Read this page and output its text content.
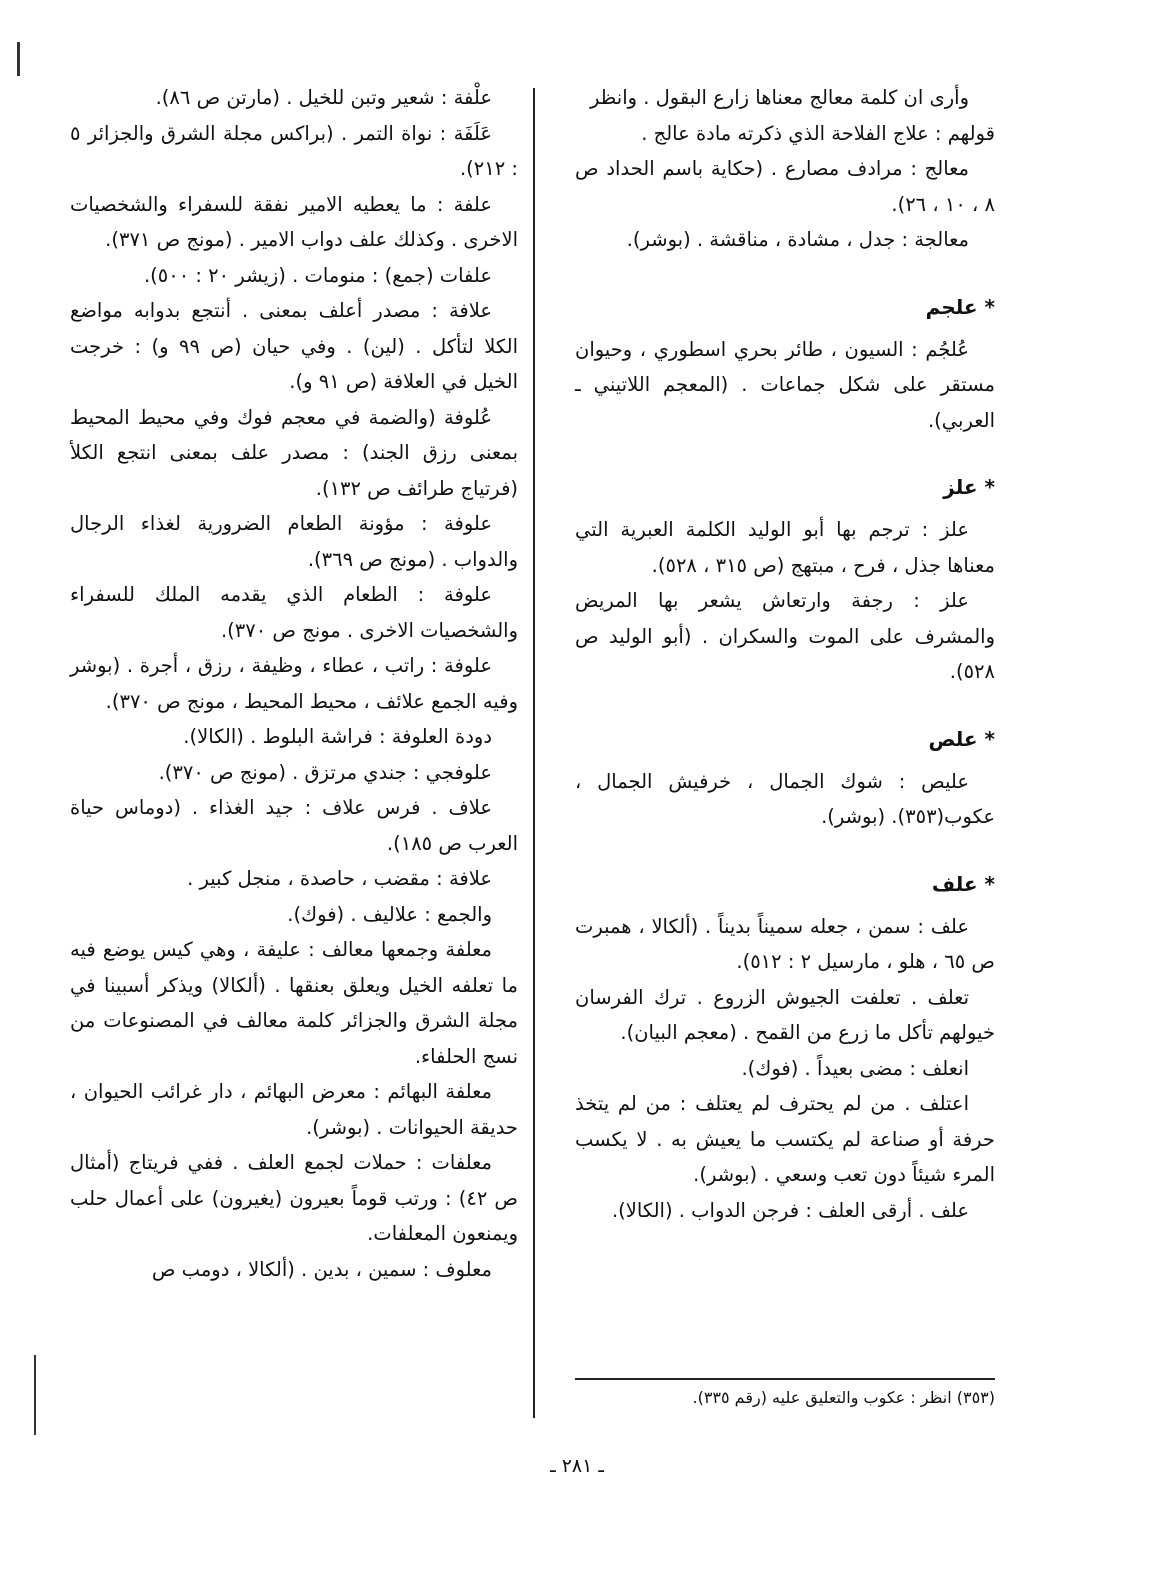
وأرى ان كلمة معالج معناها زارع البقول . وانظر

قولهم : علاج الفلاحة الذي ذكرته مادة عالج .

معالج : مرادف مصارع . (حكاية باسم الحداد ص ٨ ، ١٠ ، ٢٦).

معالجة : جدل ، مشادة ، مناقشة . (بوشر).

* علجم

عُلجُم : السيون ، طائر بحري اسطوري ، وحيوان مستقر على شكل جماعات . (المعجم اللاتيني ـ العربي).

* علز

علز : ترجم بها أبو الوليد الكلمة العبرية التي معناها جذل ، فرح ، مبتهج (ص ٣١٥ ، ٥٢٨).

علز : رجفة وارتعاش يشعر بها المريض والمشرف على الموت والسكران . (أبو الوليد ص ٥٢٨).

* علص

عليص : شوك الجمال ، خرفيش الجمال ، عكوب(٣٥٣). (بوشر).

* علف

علف : سمن ، جعله سميناً بديناً . (ألكالا ، همبرت ص ٦٥ ، هلو ، مارسيل ٢ : ٥١٢).

تعلف . تعلفت الجيوش الزروع . ترك الفرسان خيولهم تأكل ما زرع من القمح . (معجم البيان).

انعلف : مضى بعيداً . (فوك).

اعتلف . من لم يحترف لم يعتلف : من لم يتخذ حرفة أو صناعة لم يكتسب ما يعيش به . لا يكسب المرء شيئاً دون تعب وسعي . (بوشر).

علف . أرقى العلف : فرجن الدواب . (الكالا).

علْفة : شعير وتبن للخيل . (مارتن ص ٨٦).

عَلَفَة : نواة التمر . (براكس مجلة الشرق والجزائر ٥ : ٢١٢).

علفة : ما يعطيه الامير نفقة للسفراء والشخصيات الاخرى . وكذلك علف دواب الامير . (مونج ص ٣٧١).

علفات (جمع) : منومات . (زيشر ٢٠ : ٥٠٠).

علافة : مصدر أعلف بمعنى . أنتجع بدوابه مواضع الكلا لتأكل . (لين) . وفي حيان (ص ٩٩ و) : خرجت الخيل في العلافة (ص ٩١ و).

عُلوفة (والضمة في معجم فوك وفي محيط المحيط بمعنى رزق الجند) : مصدر علف بمعنى انتجع الكلأ (فرتياج طرائف ص ١٣٢).

علوفة : مؤونة الطعام الضرورية لغذاء الرجال والدواب . (مونج ص ٣٦٩).

علوفة : الطعام الذي يقدمه الملك للسفراء والشخصيات الاخرى . مونج ص ٣٧٠).

علوفة : راتب ، عطاء ، وظيفة ، رزق ، أجرة . (بوشر وفيه الجمع علائف ، محيط المحيط ، مونج ص ٣٧٠).

دودة العلوفة : فراشة البلوط . (الكالا).

علوفجي : جندي مرتزق . (مونج ص ٣٧٠).

علاف . فرس علاف : جيد الغذاء . (دوماس حياة العرب ص ١٨٥).

علافة : مقضب ، حاصدة ، منجل كبير .

والجمع : علاليف . (فوك).

معلفة وجمعها معالف : عليفة ، وهي كيس يوضع فيه ما تعلفه الخيل ويعلق بعنقها . (ألكالا) ويذكر أسبينا في مجلة الشرق والجزائر كلمة معالف في المصنوعات من نسج الحلفاء.

معلفة البهائم : معرض البهائم ، دار غرائب الحيوان ، حديقة الحيوانات . (بوشر).

معلفات : حملات لجمع العلف . ففي فريتاج (أمثال ص ٤٢) : ورتب قوماً بعيرون (يغيرون) على أعمال حلب ويمنعون المعلفات.

معلوف : سمين ، بدين . (ألكالا ، دومب ص

(٣٥٣) انظر : عكوب والتعليق عليه (رقم ٣٣٥).
ـ ٢٨١ ـ
